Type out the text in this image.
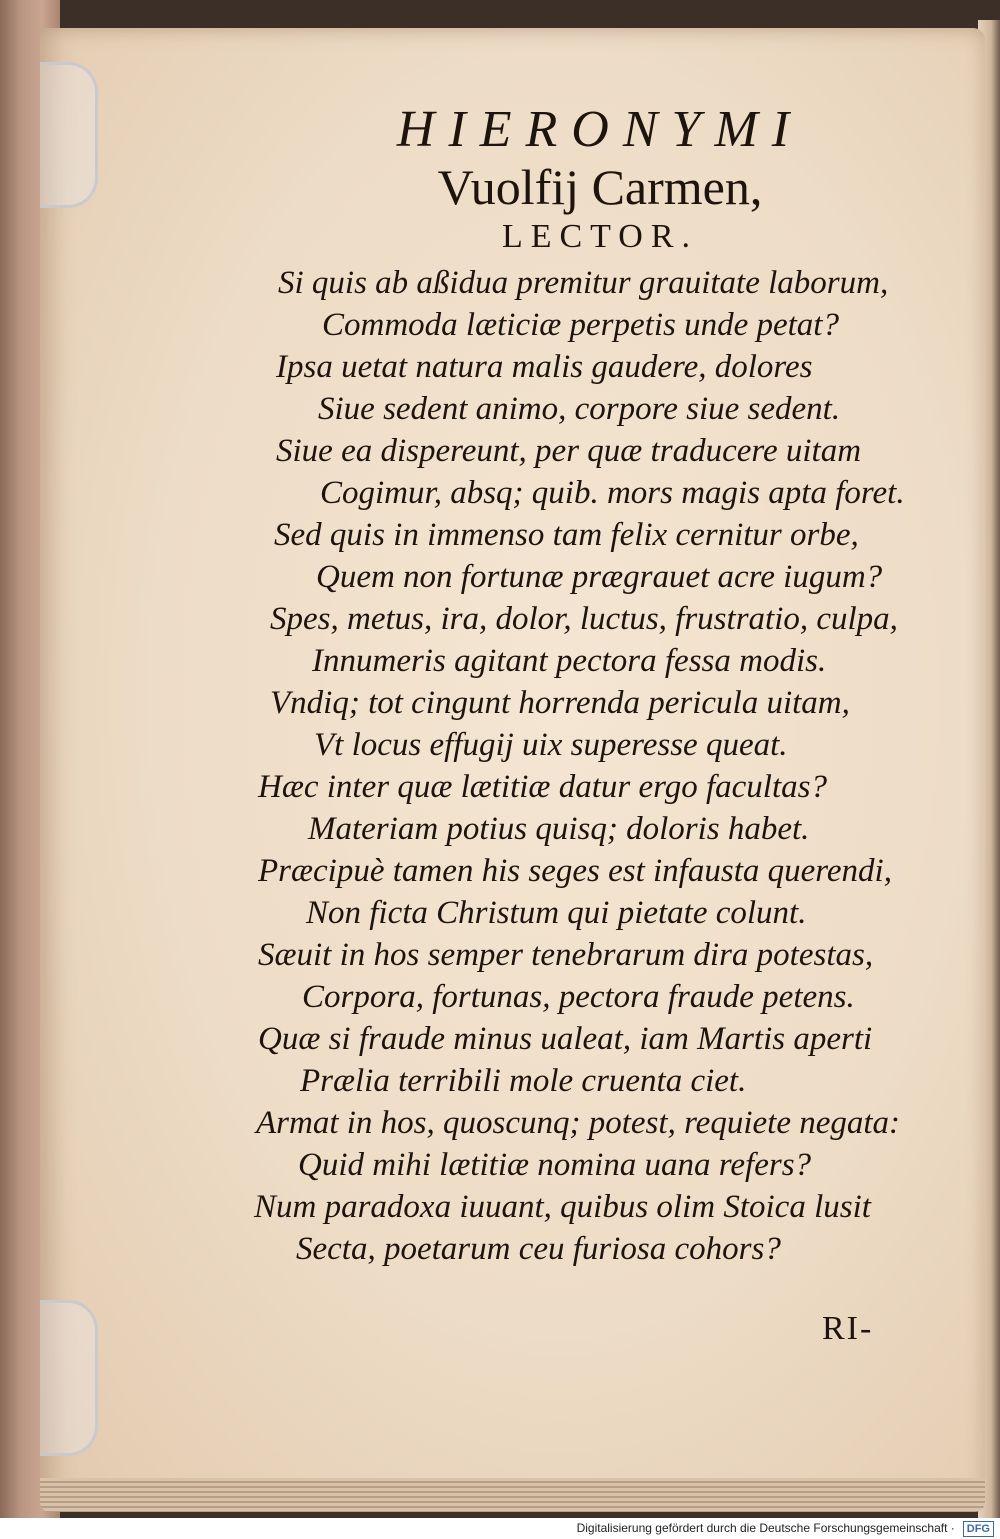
HIERONYMI
Vuolfij Carmen,
LECTOR.
Si quis ab aßidua premitur grauitate laborum,
Commoda læticiæ perpetis unde petat?
Ipsa uetat natura malis gaudere, dolores
Siue sedent animo, corpore siue sedent.
Siue ea dispereunt, per quæ traducere uitam
Cogimur, absq; quib. mors magis apta foret.
Sed quis in immenso tam felix cernitur orbe,
Quem non fortunæ prægrauet acre iugum?
Spes, metus, ira, dolor, luctus, frustratio, culpa,
Innumeris agitant pectora fessa modis.
Vndiq; tot cingunt horrenda pericula uitam,
Vt locus effugij uix superesse queat.
Hæc inter quæ lætitiæ datur ergo facultas?
Materiam potius quisq; doloris habet.
Præcipuè tamen his seges est infausta querendi,
Non ficta Christum qui pietate colunt.
Sæuit in hos semper tenebrarum dira potestas,
Corpora, fortunas, pectora fraude petens.
Quæ si fraude minus ualeat, iam Martis aperti
Prælia terribili mole cruenta ciet.
Armat in hos, quoscunq; potest, requiete negata:
Quid mihi lætitiæ nomina uana refers?
Num paradoxa iuuant, quibus olim Stoica lusit
Secta, poetarum ceu furiosa cohors?
RI-
Digitalisierung gefördert durch die Deutsche Forschungsgemeinschaft · DFG
